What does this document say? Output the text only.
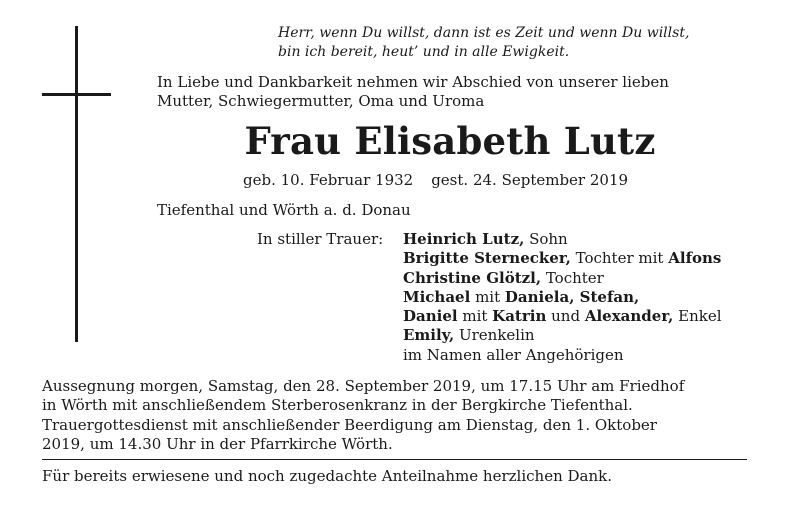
Herr, wenn Du willst, dann ist es Zeit und wenn Du willst,
bin ich bereit, heut’ und in alle Ewigkeit.
In Liebe und Dankbarkeit nehmen wir Abschied von unserer lieben
Mutter, Schwiegermutter, Oma und Uroma
Frau Elisabeth Lutz
geb. 10. Februar 1932 gest. 24. September 2019
Tiefenthal und Wörth a. d. Donau
In stiller Trauer: Heinrich Lutz, Sohn
Brigitte Sternecker, Tochter mit Alfons
Christine Glötzl, Tochter
Michael mit Daniela, Stefan,
Daniel mit Katrin und Alexander, Enkel
Emily, Urenkelin
im Namen aller Angehörigen
Aussegnung morgen, Samstag, den 28. September 2019, um 17.15 Uhr am Friedhof
in Wörth mit anschließendem Sterberosenkranz in der Bergkirche Tiefenthal.
Trauergottesdienst mit anschließender Beerdigung am Dienstag, den 1. Oktober
2019, um 14.30 Uhr in der Pfarrkirche Wörth.
Für bereits erwiesene und noch zugedachte Anteilnahme herzlichen Dank.
